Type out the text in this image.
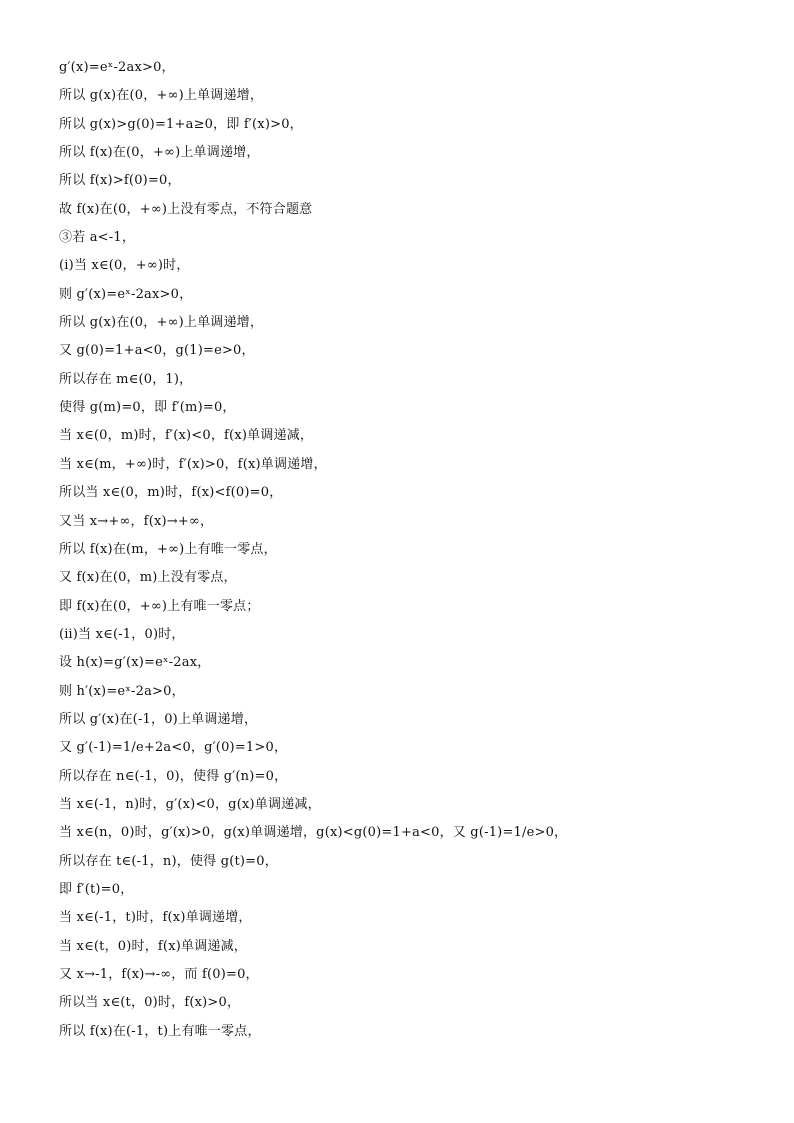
g′(x)=eˣ-2ax>0，
所以 g(x)在(0，+∞)上单调递增，
所以 g(x)>g(0)=1+a≥0，即 f′(x)>0，
所以 f(x)在(0，+∞)上单调递增，
所以 f(x)>f(0)=0，
故 f(x)在(0，+∞)上没有零点，不符合题意
③若 a<-1，
(ⅰ)当 x∈(0，+∞)时，
则 g′(x)=eˣ-2ax>0，
所以 g(x)在(0，+∞)上单调递增，
又 g(0)=1+a<0，g(1)=e>0，
所以存在 m∈(0，1)，
使得 g(m)=0，即 f′(m)=0，
当 x∈(0，m)时，f′(x)<0，f(x)单调递减，
当 x∈(m，+∞)时，f′(x)>0，f(x)单调递增，
所以当 x∈(0，m)时，f(x)<f(0)=0，
又当 x→+∞，f(x)→+∞，
所以 f(x)在(m，+∞)上有唯一零点，
又 f(x)在(0，m)上没有零点，
即 f(x)在(0，+∞)上有唯一零点；
(ⅱ)当 x∈(-1，0)时，
设 h(x)=g′(x)=eˣ-2ax，
则 h′(x)=eˣ-2a>0，
所以 g′(x)在(-1，0)上单调递增，
又 g′(-1)=1/e+2a<0，g′(0)=1>0，
所以存在 n∈(-1，0)，使得 g′(n)=0，
当 x∈(-1，n)时，g′(x)<0，g(x)单调递减，
当 x∈(n，0)时，g′(x)>0，g(x)单调递增，g(x)<g(0)=1+a<0，又 g(-1)=1/e>0，
所以存在 t∈(-1，n)，使得 g(t)=0，
即 f′(t)=0，
当 x∈(-1，t)时，f(x)单调递增，
当 x∈(t，0)时，f(x)单调递减，
又 x→-1，f(x)→-∞，而 f(0)=0，
所以当 x∈(t，0)时，f(x)>0，
所以 f(x)在(-1，t)上有唯一零点，
